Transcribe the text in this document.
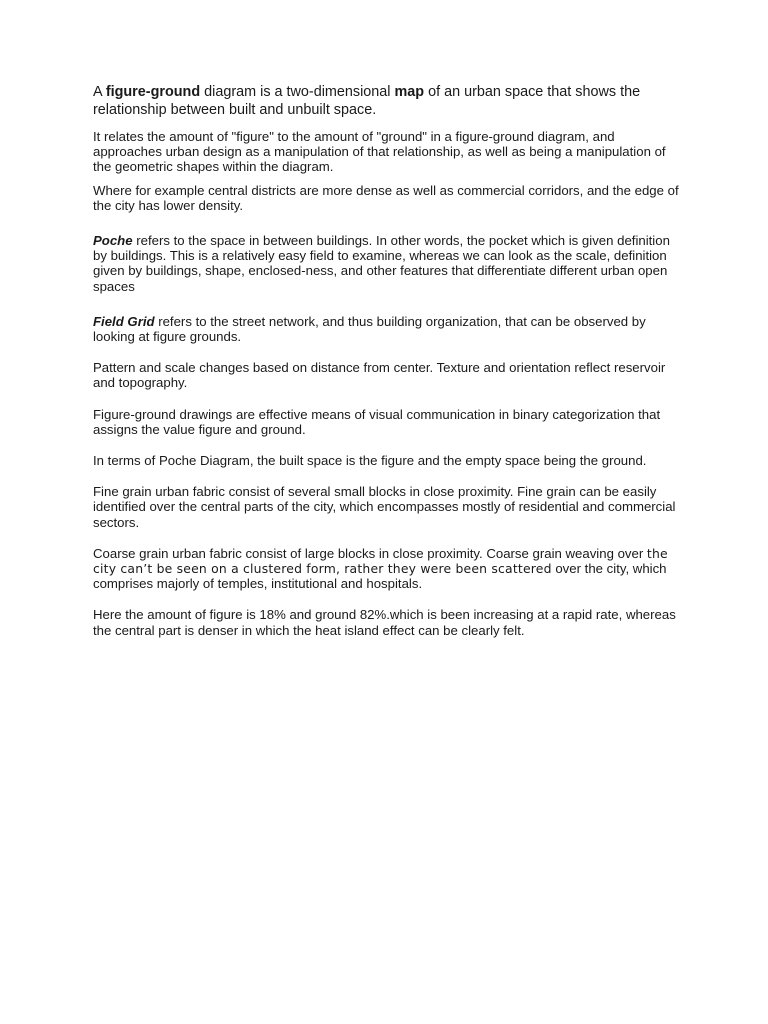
A figure-ground diagram is a two-dimensional map of an urban space that shows the relationship between built and unbuilt space.

It relates the amount of "figure" to the amount of "ground" in a figure-ground diagram, and approaches urban design as a manipulation of that relationship, as well as being a manipulation of the geometric shapes within the diagram.

Where for example central districts are more dense as well as commercial corridors, and the edge of the city has lower density.

Poche refers to the space in between buildings. In other words, the pocket which is given definition by buildings. This is a relatively easy field to examine, whereas we can look as the scale, definition given by buildings, shape, enclosed-ness, and other features that differentiate different urban open spaces

Field Grid refers to the street network, and thus building organization, that can be observed by looking at figure grounds.

Pattern and scale changes based on distance from center. Texture and orientation reflect reservoir and topography.

Figure-ground drawings are effective means of visual communication in binary categorization that assigns the value figure and ground.

In terms of Poche Diagram, the built space is the figure and the empty space being the ground.

Fine grain urban fabric consist of several small blocks in close proximity. Fine grain can be easily identified over the central parts of the city, which encompasses mostly of residential and commercial sectors.

Coarse grain urban fabric consist of large blocks in close proximity. Coarse grain weaving over the city can’t be seen on a clustered form, rather they were been scattered over the city, which comprises majorly of temples, institutional and hospitals.

Here the amount of figure is 18% and ground 82%.which is been increasing at a rapid rate, whereas the central part is denser in which the heat island effect can be clearly felt.
